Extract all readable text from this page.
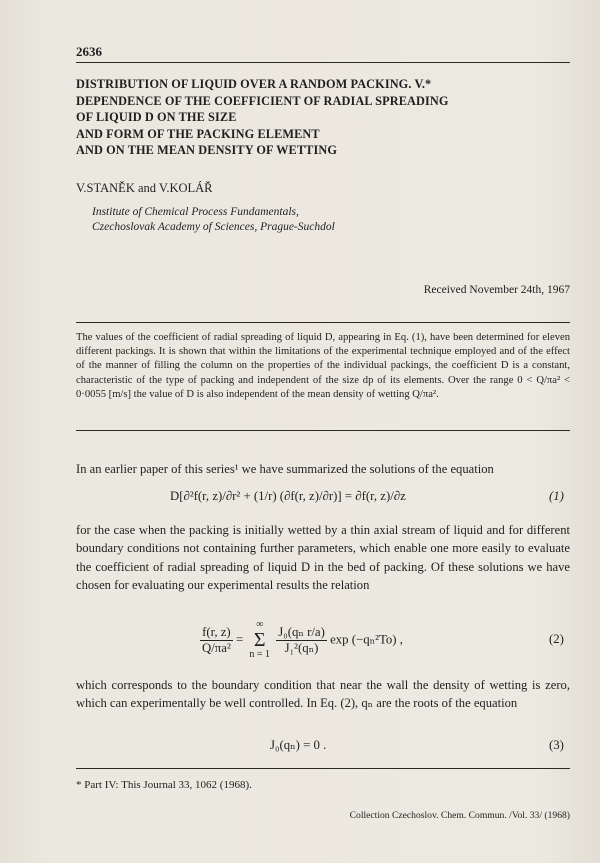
2636
DISTRIBUTION OF LIQUID OVER A RANDOM PACKING. V.*
DEPENDENCE OF THE COEFFICIENT OF RADIAL SPREADING
OF LIQUID D ON THE SIZE
AND FORM OF THE PACKING ELEMENT
AND ON THE MEAN DENSITY OF WETTING
V.STANĚK and V.KOLÁŘ
Institute of Chemical Process Fundamentals,
Czechoslovak Academy of Sciences, Prague-Suchdol
Received November 24th, 1967

The values of the coefficient of radial spreading of liquid D, appearing in Eq. (1), have been determined for eleven different packings. It is shown that within the limitations of the experimental technique employed and of the effect of the manner of filling the column on the properties of the individual packings, the coefficient D is a constant, characteristic of the type of packing and independent of the size dp of its elements. Over the range 0 < Q/πa² < 0·0055 [m/s] the value of D is also independent of the mean density of wetting Q/πa².

In an earlier paper of this series¹ we have summarized the solutions of the equation
D[∂²f(r, z)/∂r² + (1/r) (∂f(r, z)/∂r)] = ∂f(r, z)/∂z	(1)
for the case when the packing is initially wetted by a thin axial stream of liquid and for different boundary conditions not containing further parameters, which enable one more easily to evaluate the coefficient of radial spreading of liquid D in the bed of packing. Of these solutions we have chosen for evaluating our experimental results the relation
$\frac{f(r, z)}{\text{Q/πa²}}$ = ∞
Σ
$n = 1 \frac{\text{J₀(qₙ r/a)}}{\text{J₁²(qₙ)}}$ exp (−qₙ²To) ,	(2)
which corresponds to the boundary condition that near the wall the density of wetting is zero, which can experimentally be well controlled. In Eq. (2), qₙ are the roots of the equation
J₀(qₙ) = 0 .	(3)
* Part IV: This Journal 33, 1062 (1968).
Collection Czechoslov. Chem. Commun. /Vol. 33/ (1968)
